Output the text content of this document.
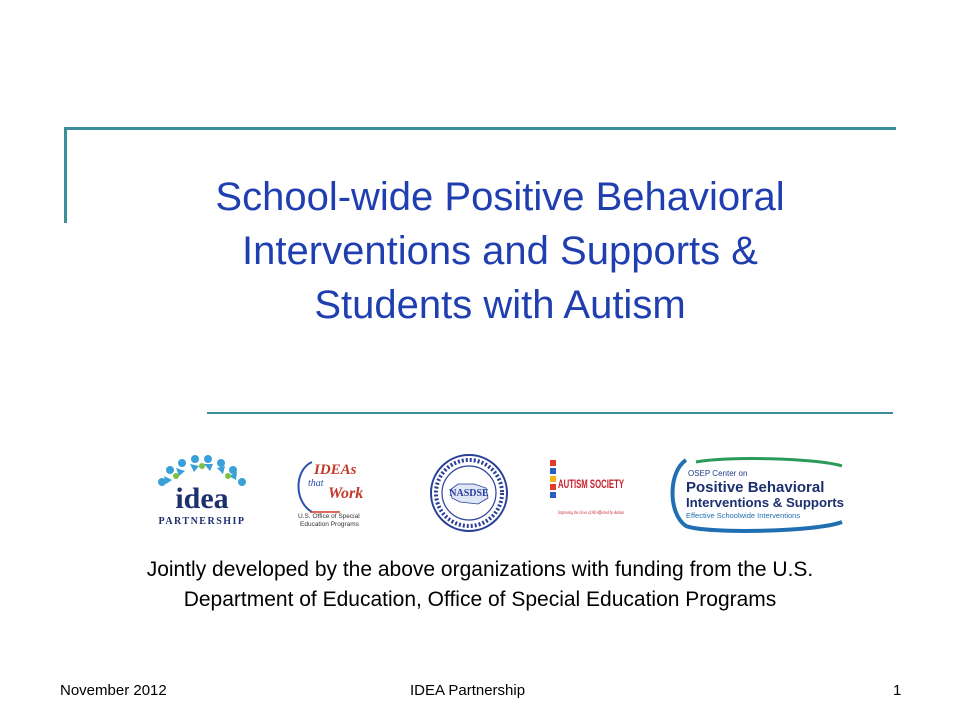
School-wide Positive Behavioral
Interventions and Supports &
Students with Autism
idea
PARTNERSHIP
IDEAs
that
Work
U.S. Office of Special
Education Programs
NASDSE
AUTISM SOCIETY
Improving the Lives of All Affected by Autism
OSEP Center on
Positive Behavioral
Interventions & Supports
Effective Schoolwide Interventions
Jointly developed by the above organizations with funding from the U.S.
Department of Education, Office of Special Education Programs
November 2012	IDEA Partnership	1
